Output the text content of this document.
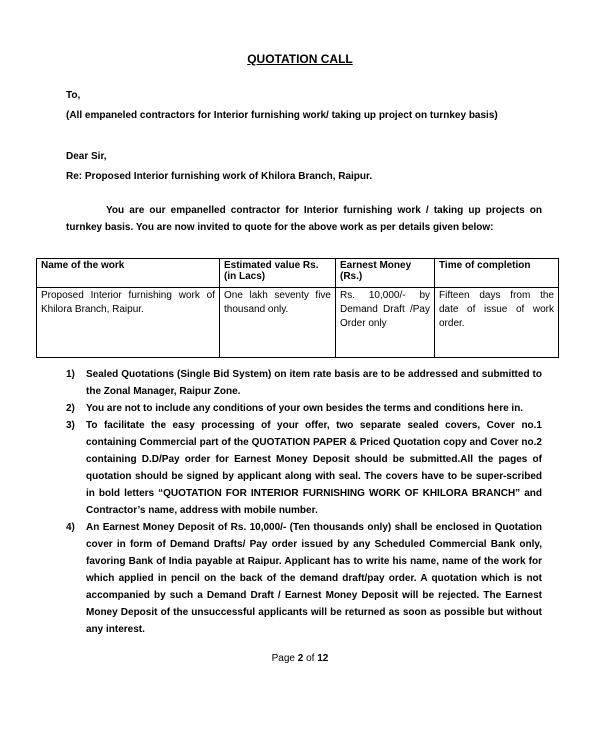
QUOTATION CALL
To,
(All empaneled contractors for Interior furnishing work/ taking up project on turnkey basis)
Dear Sir,
Re: Proposed Interior furnishing work of Khilora Branch, Raipur.
You are our empanelled contractor for Interior furnishing work / taking up projects on turnkey basis. You are now invited to quote for the above work as per details given below:
Name of the work	Estimated value Rs. (in Lacs)	Earnest Money (Rs.)	Time of completion

Proposed Interior furnishing work of Khilora Branch, Raipur.	One lakh seventy five thousand only.	Rs. 10,000/- by Demand Draft /Pay Order only	Fifteen days from the date of issue of work order.
1) Sealed Quotations (Single Bid System) on item rate basis are to be addressed and submitted to the Zonal Manager, Raipur Zone.
2) You are not to include any conditions of your own besides the terms and conditions here in.
3) To facilitate the easy processing of your offer, two separate sealed covers, Cover no.1 containing Commercial part of the QUOTATION PAPER & Priced Quotation copy and Cover no.2 containing D.D/Pay order for Earnest Money Deposit should be submitted.All the pages of quotation should be signed by applicant along with seal. The covers have to be super-scribed in bold letters “QUOTATION FOR INTERIOR FURNISHING WORK OF KHILORA BRANCH” and Contractor’s name, address with mobile number.
4) An Earnest Money Deposit of Rs. 10,000/- (Ten thousands only) shall be enclosed in Quotation cover in form of Demand Drafts/ Pay order issued by any Scheduled Commercial Bank only, favoring Bank of India payable at Raipur. Applicant has to write his name, name of the work for which applied in pencil on the back of the demand draft/pay order. A quotation which is not accompanied by such a Demand Draft / Earnest Money Deposit will be rejected. The Earnest Money Deposit of the unsuccessful applicants will be returned as soon as possible but without any interest.
Page 2 of 12
